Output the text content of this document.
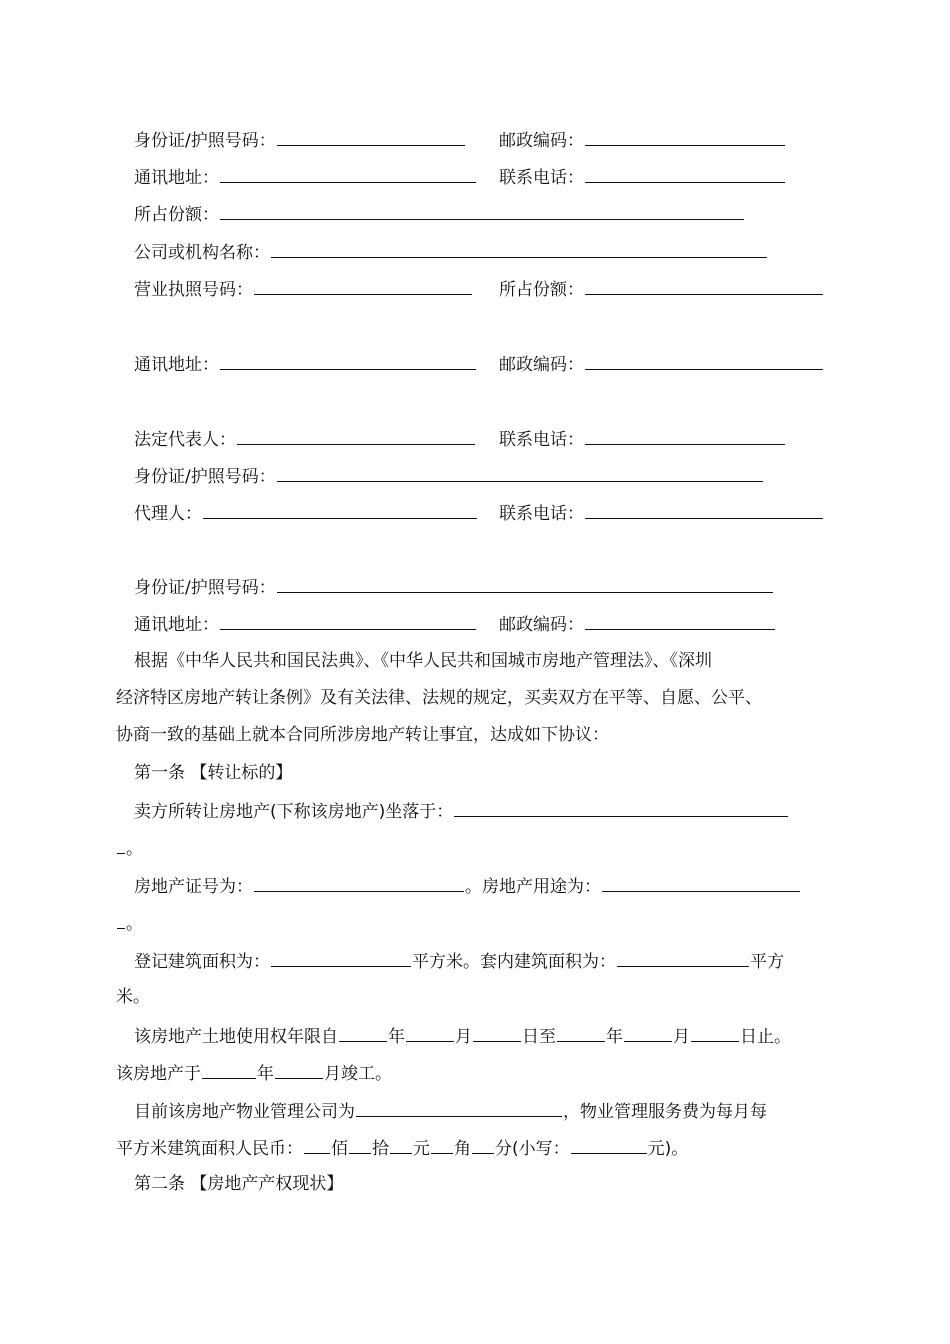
身份证/护照号码：	邮政编码：
通讯地址：	联系电话：
所占份额：
公司或机构名称：
营业执照号码：	所占份额：
通讯地址：	邮政编码：
法定代表人：	联系电话：
身份证/护照号码：
代理人：	联系电话：
身份证/护照号码：
通讯地址：	邮政编码：
根据《中华人民共和国民法典》、《中华人民共和国城市房地产管理法》、《深圳
经济特区房地产转让条例》及有关法律、法规的规定，买卖双方在平等、自愿、公平、
协商一致的基础上就本合同所涉房地产转让事宜，达成如下协议：
第一条 【转让标的】
卖方所转让房地产(下称该房地产)坐落于：
。
房地产证号为：	。房地产用途为：
。
登记建筑面积为：	平方米。套内建筑面积为：	平方
米。
该房地产土地使用权年限自	年	月	日至	年	月	日止。
该房地产于	年	月竣工。
目前该房地产物业管理公司为	，物业管理服务费为每月每
平方米建筑面积人民币： 佰 拾 元 角 分(小写：	元)。
第二条 【房地产产权现状】
